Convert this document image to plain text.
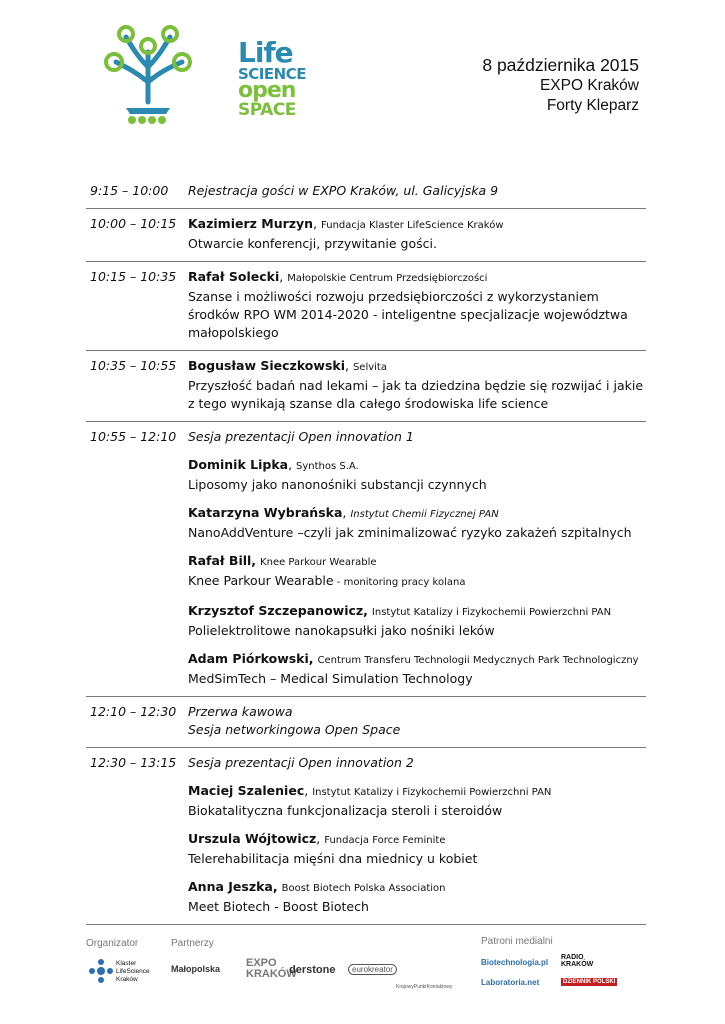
Life
SCIENCE
open
SPACE
8 października 2015
EXPO Kraków
Forty Kleparz
9:15 – 10:00	Rejestracja gości w EXPO Kraków, ul. Galicyjska 9
10:00 – 10:15 Kazimierz Murzyn, Fundacja Klaster LifeScience Kraków
Otwarcie konferencji, przywitanie gości.
10:15 – 10:35 Rafał Solecki, Małopolskie Centrum Przedsiębiorczości
Szanse i możliwości rozwoju przedsiębiorczości z wykorzystaniem środków RPO WM 2014-2020 - inteligentne specjalizacje województwa małopolskiego
10:35 – 10:55 Bogusław Sieczkowski, Selvita
Przyszłość badań nad lekami – jak ta dziedzina będzie się rozwijać i jakie z tego wynikają szanse dla całego środowiska life science
10:55 – 12:10 Sesja prezentacji Open innovation 1
Dominik Lipka, Synthos S.A.
Liposomy jako nanonośniki substancji czynnych
Katarzyna Wybrańska, Instytut Chemii Fizycznej PAN
NanoAddVenture –czyli jak zminimalizować ryzyko zakażeń szpitalnych
Rafał Bill, Knee Parkour Wearable
Knee Parkour Wearable - monitoring pracy kolana
Krzysztof Szczepanowicz, Instytut Katalizy i Fizykochemii Powierzchni PAN
Polielektrolitowe nanokapsułki jako nośniki leków
Adam Piórkowski, Centrum Transferu Technologii Medycznych Park Technologiczny
MedSimTech – Medical Simulation Technology
12:10 – 12:30 Przerwa kawowa
Sesja networkingowa Open Space
12:30 – 13:15 Sesja prezentacji Open innovation 2
Maciej Szaleniec, Instytut Katalizy i Fizykochemii Powierzchni PAN
Biokatalityczna funkcjonalizacja steroli i steroidów
Urszula Wójtowicz, Fundacja Force Feminite
Telerehabilitacja mięśni dna miednicy u kobiet
Anna Jeszka, Boost Biotech Polska Association
Meet Biotech - Boost Biotech
Organizator	Partnerzy	Patroni medialni
Klaster LifeScience Kraków
Małopolska EXPO KRAKÓW
derstone	eurokreator
KrajowyPunktKontaktowy
Biotechnologia.pl
RADIO KRAKÓW
Laboratoria.net	DZIENNIK POLSKI
